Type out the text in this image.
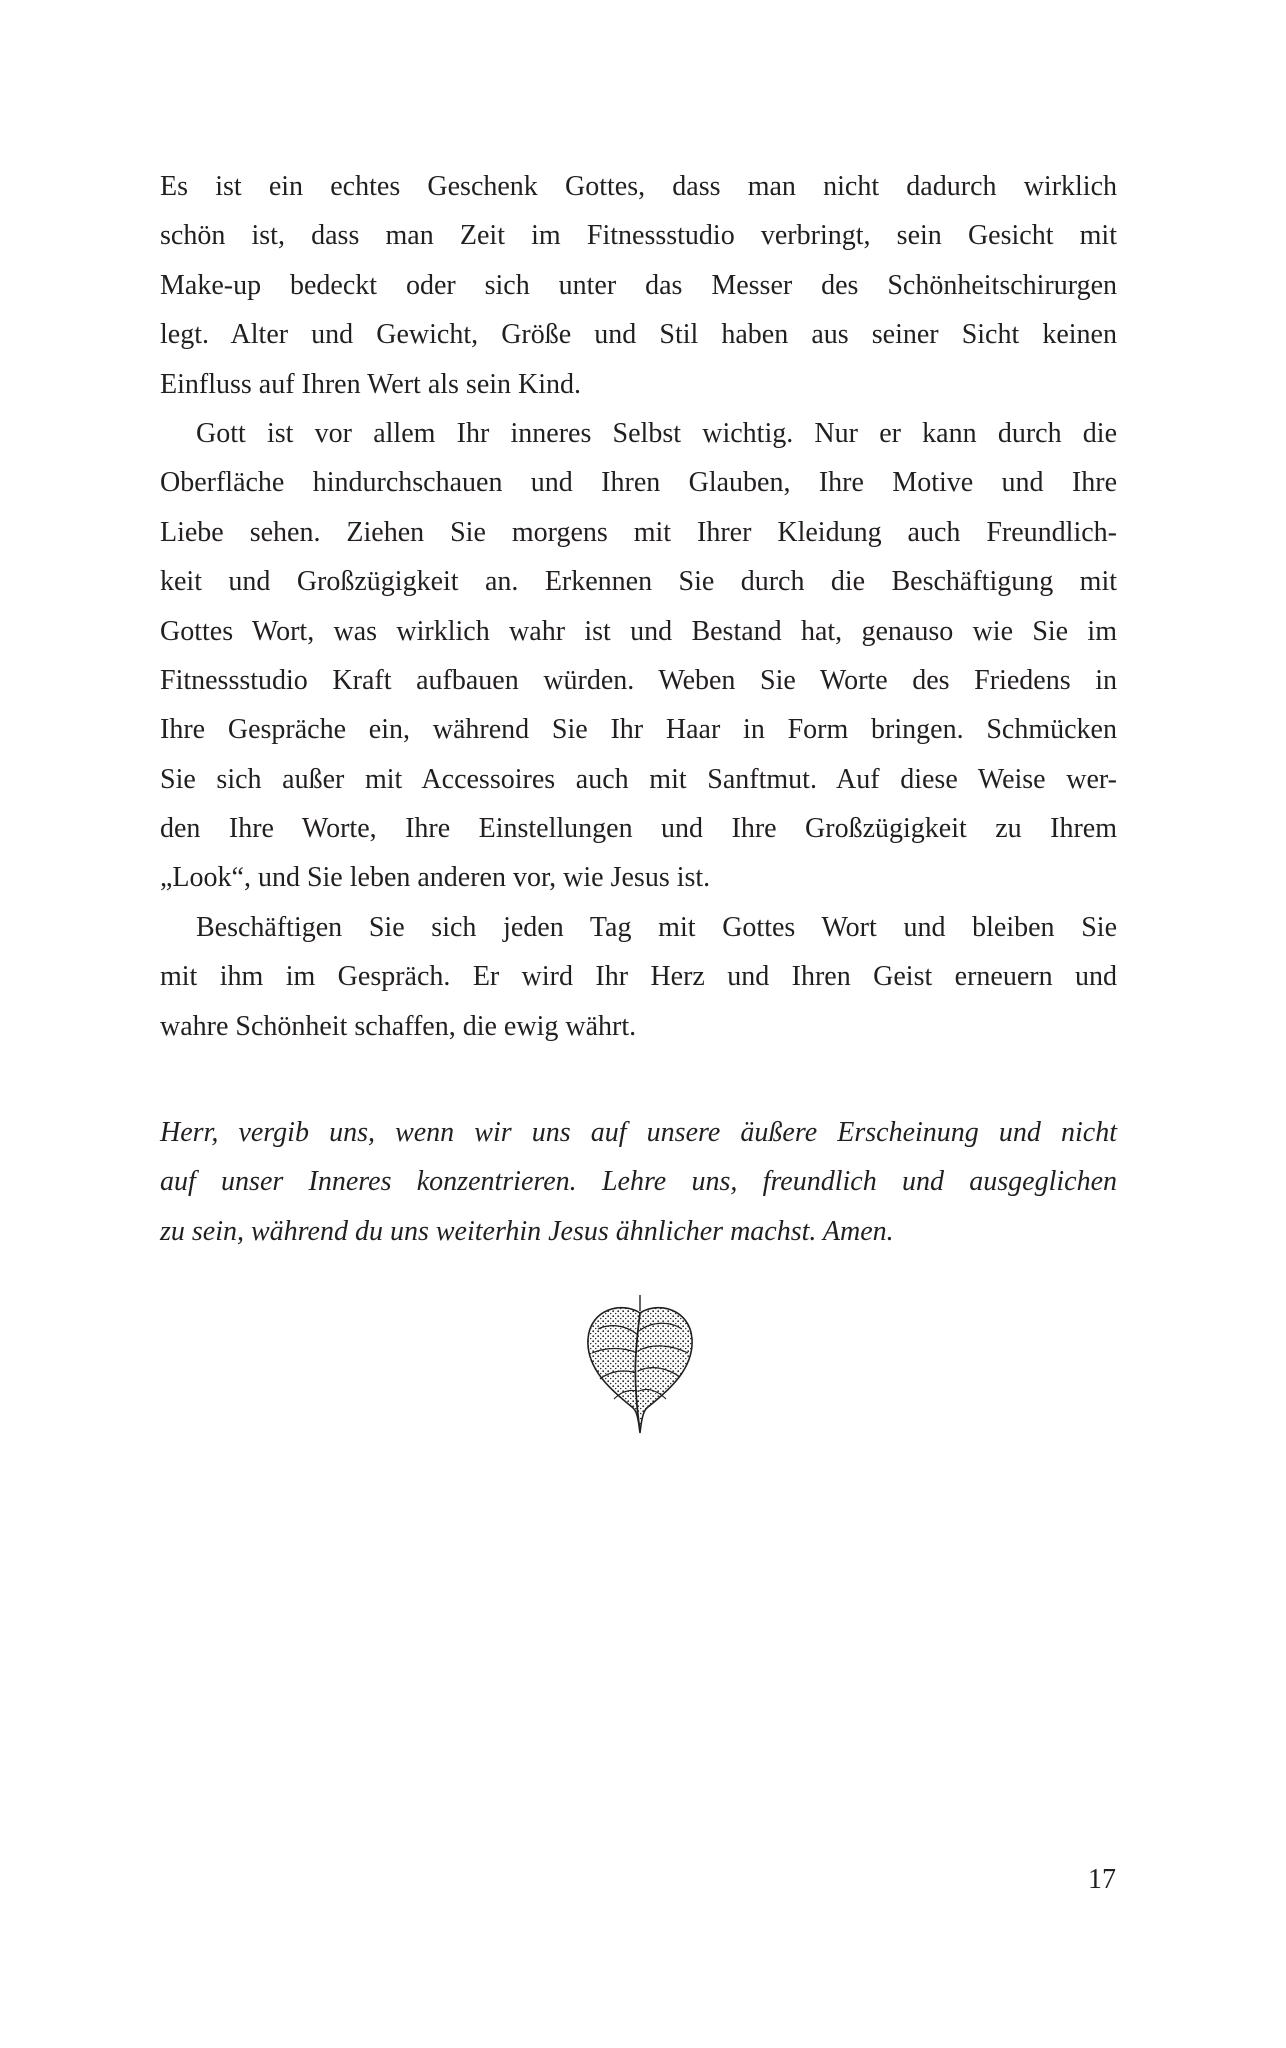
Es ist ein echtes Geschenk Gottes, dass man nicht dadurch wirklich
schön ist, dass man Zeit im Fitnessstudio verbringt, sein Gesicht mit
Make-up bedeckt oder sich unter das Messer des Schönheitschirurgen
legt. Alter und Gewicht, Größe und Stil haben aus seiner Sicht keinen
Einfluss auf Ihren Wert als sein Kind.
Gott ist vor allem Ihr inneres Selbst wichtig. Nur er kann durch die
Oberfläche hindurchschauen und Ihren Glauben, Ihre Motive und Ihre
Liebe sehen. Ziehen Sie morgens mit Ihrer Kleidung auch Freundlich-
keit und Großzügigkeit an. Erkennen Sie durch die Beschäftigung mit
Gottes Wort, was wirklich wahr ist und Bestand hat, genauso wie Sie im
Fitnessstudio Kraft aufbauen würden. Weben Sie Worte des Friedens in
Ihre Gespräche ein, während Sie Ihr Haar in Form bringen. Schmücken
Sie sich außer mit Accessoires auch mit Sanftmut. Auf diese Weise wer-
den Ihre Worte, Ihre Einstellungen und Ihre Großzügigkeit zu Ihrem
„Look“, und Sie leben anderen vor, wie Jesus ist.
Beschäftigen Sie sich jeden Tag mit Gottes Wort und bleiben Sie
mit ihm im Gespräch. Er wird Ihr Herz und Ihren Geist erneuern und
wahre Schönheit schaffen, die ewig währt.
Herr, vergib uns, wenn wir uns auf unsere äußere Erscheinung und nicht
auf unser Inneres konzentrieren. Lehre uns, freundlich und ausgeglichen
zu sein, während du uns weiterhin Jesus ähnlicher machst. Amen.
17
